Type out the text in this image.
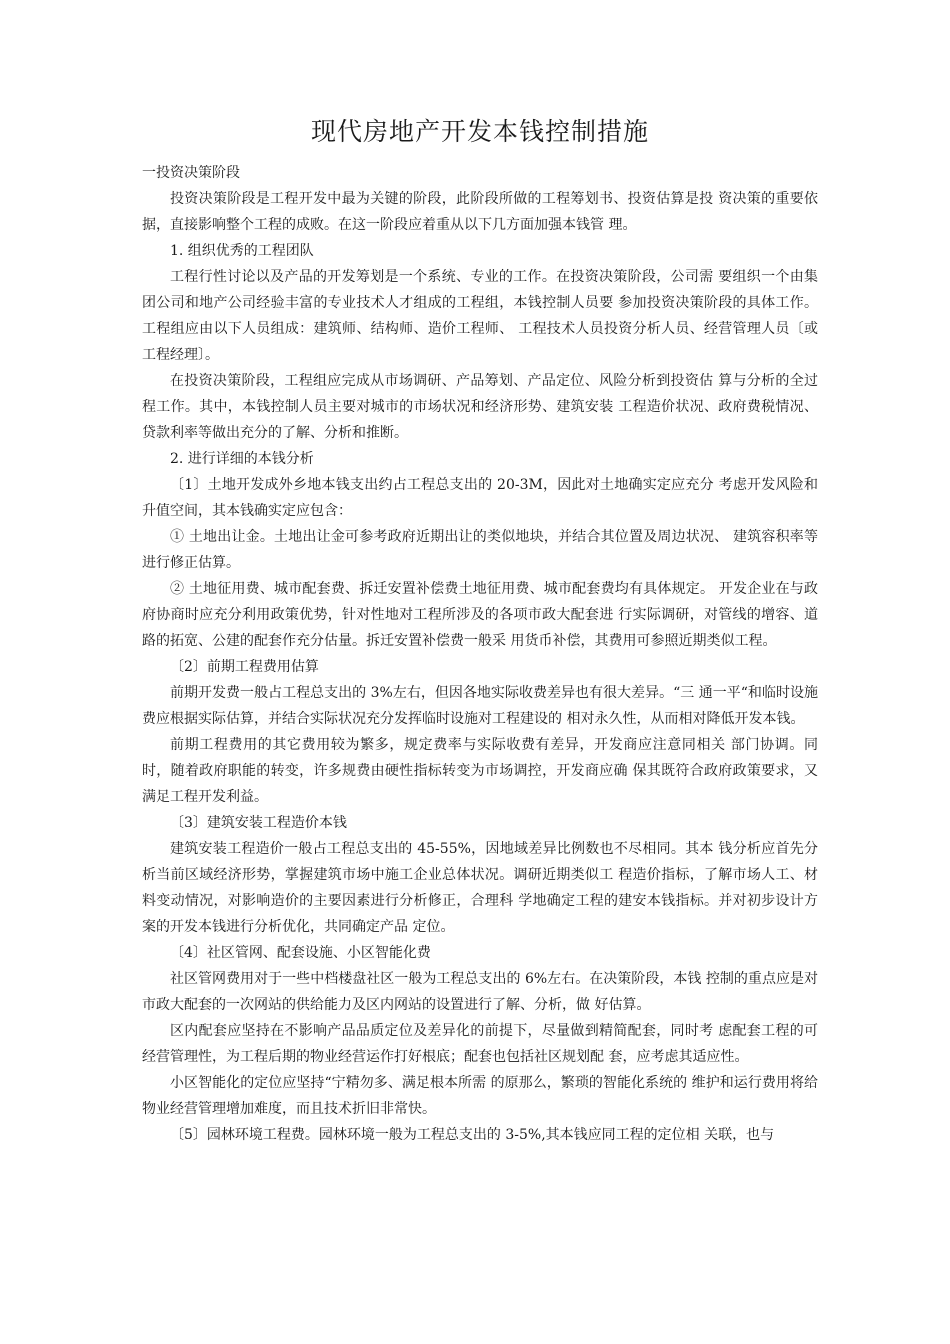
现代房地产开发本钱控制措施

一投资决策阶段

投资决策阶段是工程开发中最为关键的阶段，此阶段所做的工程筹划书、投资估算是投 资决策的重要依据，直接影响整个工程的成败。在这一阶段应着重从以下几方面加强本钱管 理。

1. 组织优秀的工程团队

工程行性讨论以及产品的开发筹划是一个系统、专业的工作。在投资决策阶段，公司需 要组织一个由集团公司和地产公司经验丰富的专业技术人才组成的工程组，本钱控制人员要 参加投资决策阶段的具体工作。工程组应由以下人员组成：建筑师、结构师、造价工程师、 工程技术人员投资分析人员、经营管理人员〔或工程经理〕。

在投资决策阶段，工程组应完成从市场调研、产品筹划、产品定位、风险分析到投资估 算与分析的全过程工作。其中，本钱控制人员主要对城市的市场状况和经济形势、建筑安装 工程造价状况、政府费税情况、贷款利率等做出充分的了解、分析和推断。

2. 进行详细的本钱分析

〔1〕土地开发成外乡地本钱支出约占工程总支出的 20-3M，因此对土地确实定应充分 考虑开发风险和升值空间，其本钱确实定应包含：

① 土地出让金。土地出让金可参考政府近期出让的类似地块，并结合其位置及周边状况、 建筑容积率等进行修正估算。

② 土地征用费、城市配套费、拆迁安置补偿费土地征用费、城市配套费均有具体规定。 开发企业在与政府协商时应充分利用政策优势，针对性地对工程所涉及的各项市政大配套进 行实际调研，对管线的增容、道路的拓宽、公建的配套作充分估量。拆迁安置补偿费一般采 用货币补偿，其费用可参照近期类似工程。

〔2〕前期工程费用估算

前期开发费一般占工程总支出的 3%左右，但因各地实际收费差异也有很大差异。“三 通一平“和临时设施费应根据实际估算，并结合实际状况充分发挥临时设施对工程建设的 相对永久性，从而相对降低开发本钱。

前期工程费用的其它费用较为繁多，规定费率与实际收费有差异，开发商应注意同相关 部门协调。同时，随着政府职能的转变，许多规费由硬性指标转变为市场调控，开发商应确 保其既符合政府政策要求，又满足工程开发利益。

〔3〕建筑安装工程造价本钱

建筑安装工程造价一般占工程总支出的 45-55%，因地域差异比例数也不尽相同。其本 钱分析应首先分析当前区域经济形势，掌握建筑市场中施工企业总体状况。调研近期类似工 程造价指标，了解市场人工、材料变动情况，对影响造价的主要因素进行分析修正，合理科 学地确定工程的建安本钱指标。并对初步设计方案的开发本钱进行分析优化，共同确定产品 定位。

〔4〕社区管网、配套设施、小区智能化费

社区管网费用对于一些中档楼盘社区一般为工程总支出的 6%左右。在决策阶段，本钱 控制的重点应是对市政大配套的一次网站的供给能力及区内网站的设置进行了解、分析，做 好估算。

区内配套应坚持在不影响产品品质定位及差异化的前提下，尽量做到精简配套，同时考 虑配套工程的可经营管理性，为工程后期的物业经营运作打好根底；配套也包括社区规划配 套，应考虑其适应性。

小区智能化的定位应坚持“宁精勿多、满足根本所需 的原那么，繁琐的智能化系统的 维护和运行费用将给物业经营管理增加难度，而且技术折旧非常快。

〔5〕园林环境工程费。园林环境一般为工程总支出的 3-5%,其本钱应同工程的定位相 关联，也与
